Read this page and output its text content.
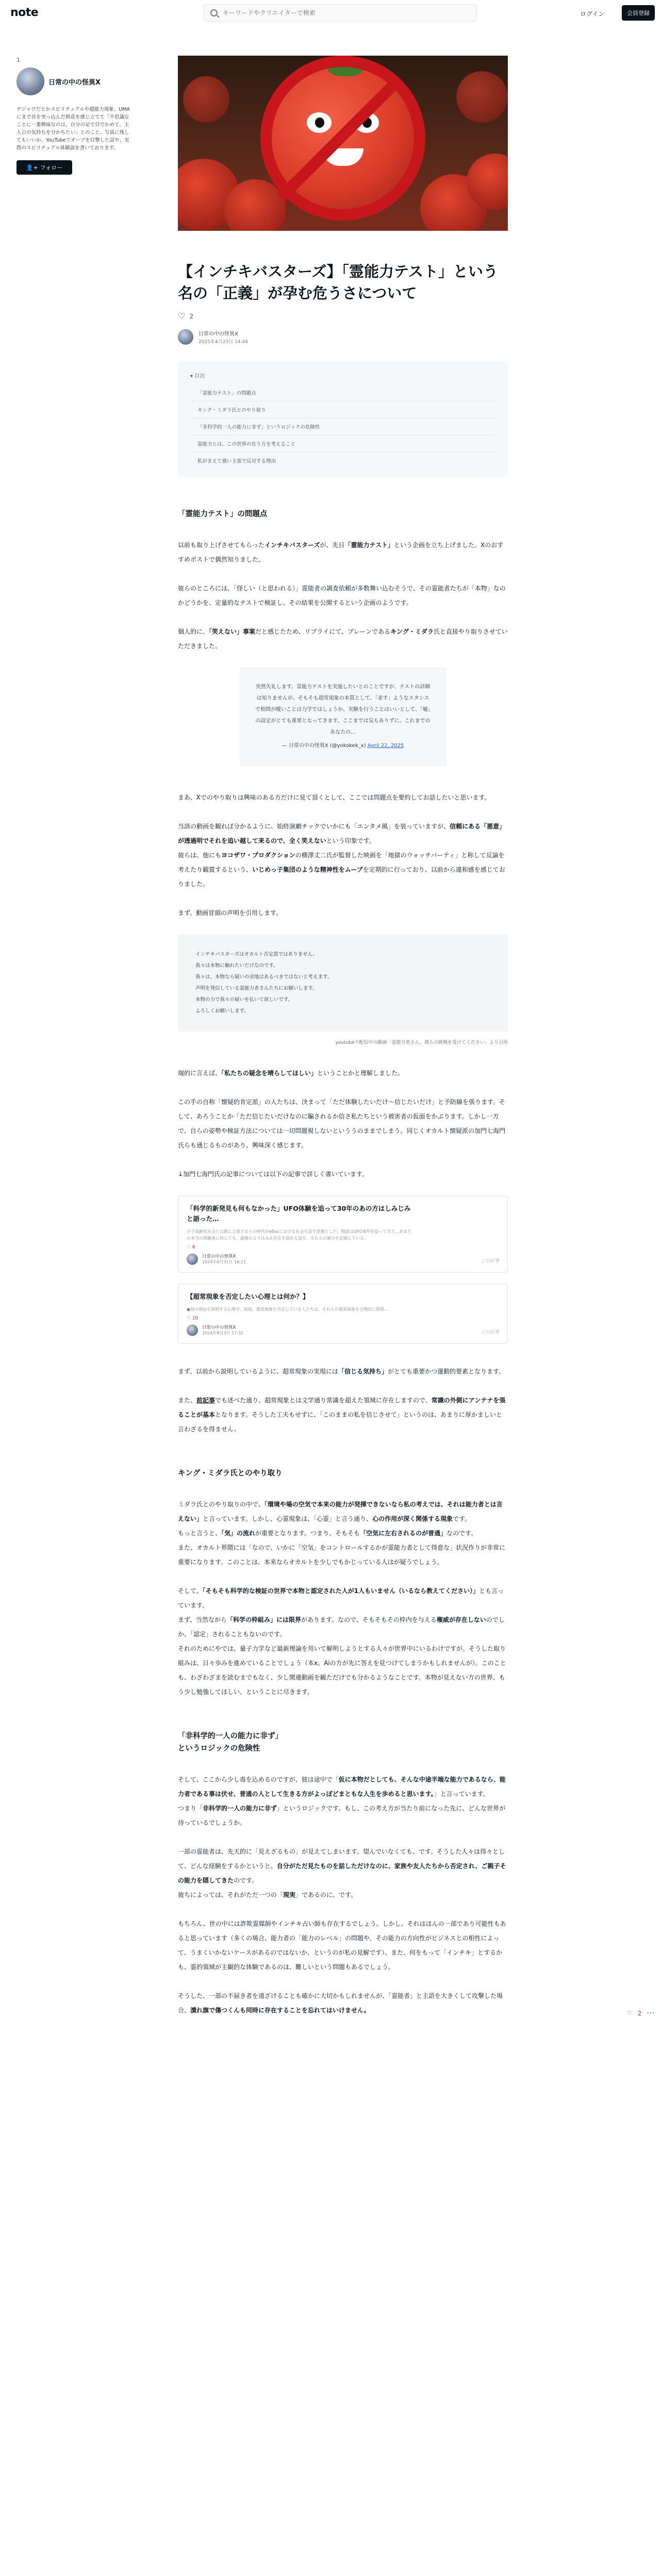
note
キーワードやクリエイターで検索	ログイン	会員登録
1
日常の中の怪異X
デジャヴだとかスピリチュアルや超能力現象、UMAにまで首を突っ込んだ熱意を感じ立てて「不思議なことに一番興味なのは、自分の足で目でかめて、主人公の気持ちを分かちたい」とのこと。写真に残してもいいか、YouTubeでオーブを目撃した話や、実際のスピリチュアル体験談を書いております。
👤+ フォロー
【インチキバスターズ】「霊能力テスト」という名の「正義」が孕む危うさについて
♡ 2
日常の中の怪異X
2025年4月23日 14:44
▾ 目次
「霊能力テスト」の問題点
キング・ミダラ氏とのやり取り
「非科学的一人の能力に非ず」というロジックの危険性
霊能力とは、この世界の在り方を考えること
私がまえて強い主張で反対する理由
「霊能力テスト」の問題点

以前も取り上げさせてもらったインチキバスターズが、先日「霊能力テスト」という企画を立ち上げました。Xのおすすめポストで偶然知りました。

彼らのところには、「怪しい（と思われる）」霊能者の調査依頼が多数舞い込むそうで、その霊能者たちが「本物」なのかどうかを、定量的なテストで検証し、その結果を公開するという企画のようです。

個人的に、「笑えない」事案だと感じたため、リプライにて、ブレーンであるキング・ミダラ氏と直接やり取りさせていただきました。

突然失礼します。霊能力テストを実施したいとのことですが、テストの詳細は知りませんが、そもそも超常現象の本質として、「並す」ようなスタンスで相問が曖いことは力学ではしょうか。実験を行うことはいいとして、「嘘」の設定がとても重要となってきます。ここまでは気もありずに、これまでのあなたの...
— 日常の中の怪異X (@yokokek_x) April 22, 2025

まあ、Xでのやり取りは興味のある方だけに見て頂くとして、ここでは問題点を要約してお話したいと思います。

当該の動画を観れば分かるように、始終演劇チックでいかにも「エンタメ風」を装っていますが、信頼にある「悪意」が透過明でそれを追い越して来るので、全く笑えないという印象です。
彼らは、他にもヨコザワ・プロダクションの横澤丈二氏が監督した映画を「地獄のウォッチパーティ」と称して反論を考えたり観賞するという、いじめっ子集団のような精神性をムーブを定期的に行っており、以前から違和感を感じておりました。

まず、動画冒頭の声明を引用します。

インチキバスターズはオカルト否定派ではありません。
我々は本物に触れたいだけなのです。
我々は、本物なら疑いの余地はあるべきではないと考えます。
声明を発信している霊能力者さんたちにお願いします。
本物の力で我々の疑いを払いて欲しいです。
よろしくお願いします。
youtubeで配信中の動画「霊能力者さん、僕らの挑戦を受けてください」より引用

端的に言えば、「私たちの疑念を晴らしてほしい」ということかと理解しました。

この手の自称「懐疑的肯定派」の人たちは、決まって「ただ体験したいだけ～信じたいだけ」と予防線を張ります。そして、あろうことか「ただ信じたいだけなのに騙されるか信さ私たちという被害者の仮面をかぶります。しかし一方で、自らの姿勢や検証方法については一切問題視しないといううのままでしまう。同じくオカルト懐疑派の加門七海門氏らも通じるものがあり、興味深く感じます。

↓加門七海門氏の記事については以下の記事で詳しく書いています。

「科学的新発見も何もなかった」UFO体験を追って30年のあの方はしみじみと語った…
少子高齢化社会とは既に言葉どおりの時代がeBasにおける社会を話す役割とした。物語はUFO事件を追ってきた…あまたの本当の体験者に対しても、最後のよりはみえ存在を認める話を、それらの調合を記憶している。
♡ 6
日常の中の怪異X
2024年8月31日 16:21	この記事
【超常現象を否定したい心理とは何か？】
●何の理由を説明する心理学。結局、超常現象を否定している人たちは、それらの超常現象を合理的に説明…
♡ 10
日常の中の怪異X
2024年8月3日 17:32	この記事

まず、以前から説明しているように、超常現象の実現には「信じる気持ち」がとても重要かつ運動的要素となります。

また、前記事でも述べた通り、超常現象とは文学通り常識を超えた領域に存在しますので、常識の外側にアンテナを張ることが基本となります。そうした工夫もせずに、「このままの私を信じさせて」というのは、あまりに厚かましいと言わざるを得ません。

キング・ミダラ氏とのやり取り

ミダラ氏とのやり取りの中で、「環境や場の空気で本来の能力が発揮できないなら私の考えでは、それは能力者とは言えない」と言っています。しかし、心霊現象は、「心霊」と言う通り、心の作用が深く関係する現象です。
もっと言うと、「気」の流れが重要となります。つまり、そもそも「空気に左右されるのが普通」なのです。
また、オカルト界隈には「なので、いかに「空気」をコントロールするかが霊能力者として得意な」状況作りが非常に重要になります。このことは、本来ならオカルトを少しでもかじっている人はが疑うでしょう。

そして、「そもそも科学的な検証の世界で本物と認定された人が1人もいません（いるなら教えてください）」とも言っています。
まず、当然ながら「科学の枠組み」には限界があります。なので、そもそもその枠内を与える権威が存在しないのでしか、「認定」されることもないのです。
それのためにやでは、量子力学など最新理論を用いて解明しようとする人々が世界中にいるわけですが。そうした取り組みは、日々歩みを進めていることでしょう（本x。Aiの方が先に答えを見つけてしまうかもしれませんが）。このことも、わざわざまを読むまでもなく、少し関連動画を観ただけでも分かるようなことです。本物が見えない方の世界、もう少し勉強してほしい、ということに尽きます。

「非科学的一人の能力に非ず」
というロジックの危険性

そして、ここから少し毒を込めるのですが、彼は途中で「仮に本物だとしても、そんな中途半端な能力であるなら、能力者である事は伏せ、普通の人として生きる方がよっぽどまともな人生を歩めると思います。」と言っています。
つまり「非科学的一人の能力に非ず」というロジックです。もし、この考え方が当たり前になった先に、どんな世界が待っているでしょうか。

一部の霊能者は、先天的に「見えざるもの」が見えてしまいます。望んでいなくても、です。そうした人々は得々として、どんな経験をするかというと、自分がただ見たものを話しただけなのに、家族や友人たちから否定され、ご親子その能力を隠してきたのです。
彼ちによっては、それがただ一つの「現実」であるのに、です。

もちろん、世の中には詐欺霊媒師やインチキ占い師も存在するでしょう。しかし、それはほんの一部であり可能性もあると思っています（多くの場合、能力者の「能力のレベル」の問題や、その能力の方向性がビジネスとの相性によって、うまくいかないケースがあるのではないか、というのが私の見解です）。また、何をもって「インチキ」とするかも、霊的領域が主観的な体験であるのは、難しいという問題もあるでしょう。

そうした、一部の不届き者を遠ざけることも確かに大切かもしれませんが、「霊能者」と主語を大きくして攻撃した場合、潰れ旗で傷つくんも同時に存在することを忘れてはいけません。	♡ 2 ···
